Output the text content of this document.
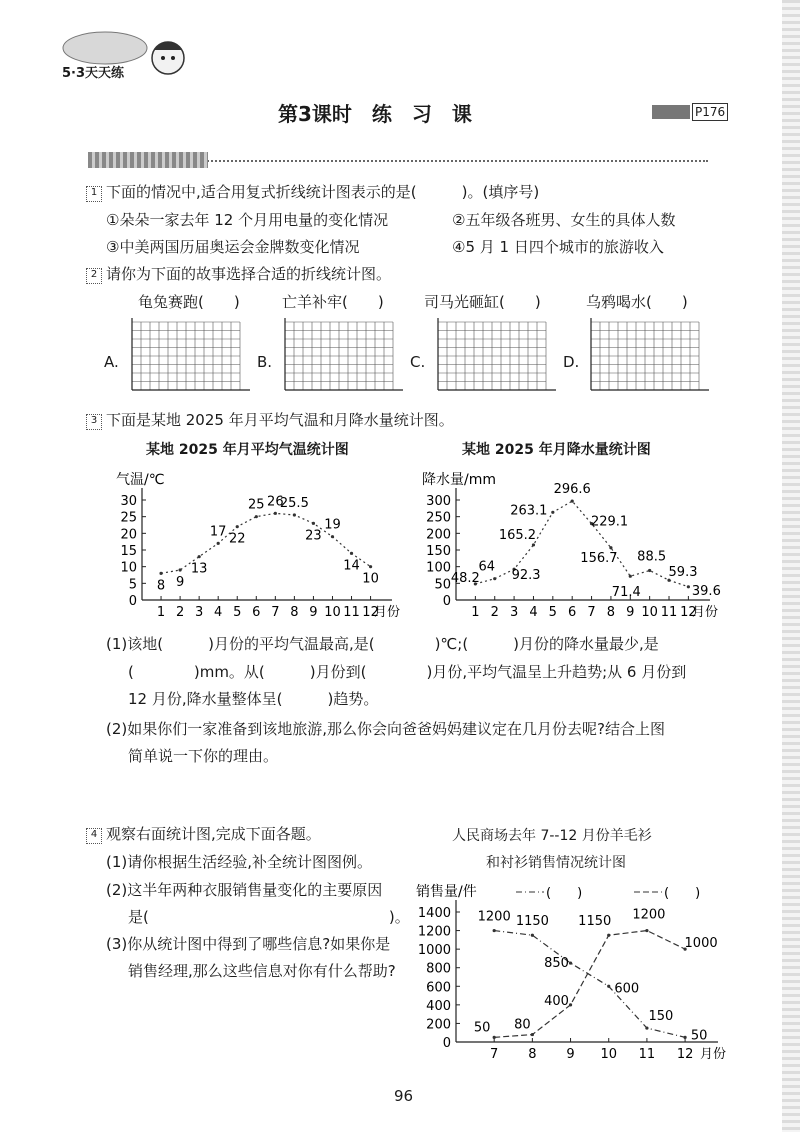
5·3天天练
第3课时　练　习　课	P176
1 下面的情况中,适合用复式折线统计图表示的是(　　　)。(填序号)
①朵朵一家去年 12 个月用电量的变化情况	②五年级各班男、女生的具体人数
③中美两国历届奥运会金牌数变化情况	④5 月 1 日四个城市的旅游收入
2 请你为下面的故事选择合适的折线统计图。
龟兔赛跑(　　)	亡羊补牢(　　)	司马光砸缸(　　)	乌鸦喝水(　　)
A.	B.	C.	D.
3 下面是某地 2025 年月平均气温和月降水量统计图。
某地 2025 年月平均气温统计图	某地 2025 年月降水量统计图
气温/℃
0
5
10
15
20
25
30
1 2 3 4 5 6 7 8 9 10 11 12
月份
8 9
13
17 22
25 26
25.5
23
19
14
10
降水量/mm
0
50
100
150
200
250
300
1 2 3 4 5 6 7 8 9 10 11 12
月份
48.2
64
92.3
165.2
263.1
296.6
229.1
156.7
71.4
88.5
59.3
39.6
(1)该地(　　　)月份的平均气温最高,是(　　　　)℃;(　　　)月份的降水量最少,是
(　　　　)mm。从(　　　)月份到(　　　　)月份,平均气温呈上升趋势;从 6 月份到
12 月份,降水量整体呈(　　　)趋势。
(2)如果你们一家准备到该地旅游,那么你会向爸爸妈妈建议定在几月份去呢?结合上图
简单说一下你的理由。
4 观察右面统计图,完成下面各题。
(1)请你根据生活经验,补全统计图图例。
(2)这半年两种衣服销售量变化的主要原因
是(　　　　　　　　　　　　　　　　)。
(3)你从统计图中得到了哪些信息?如果你是
销售经理,那么这些信息对你有什么帮助?
人民商场去年 7--12 月份羊毛衫
和衬衫销售情况统计图
销售量/件
0
200
400
600
800
1000
1200
1400
7 8 9 10 11 12 月份
1200 1150
850
600
150
50
50 80
400
1150 1200
1000
(　　)	(　　)
96
